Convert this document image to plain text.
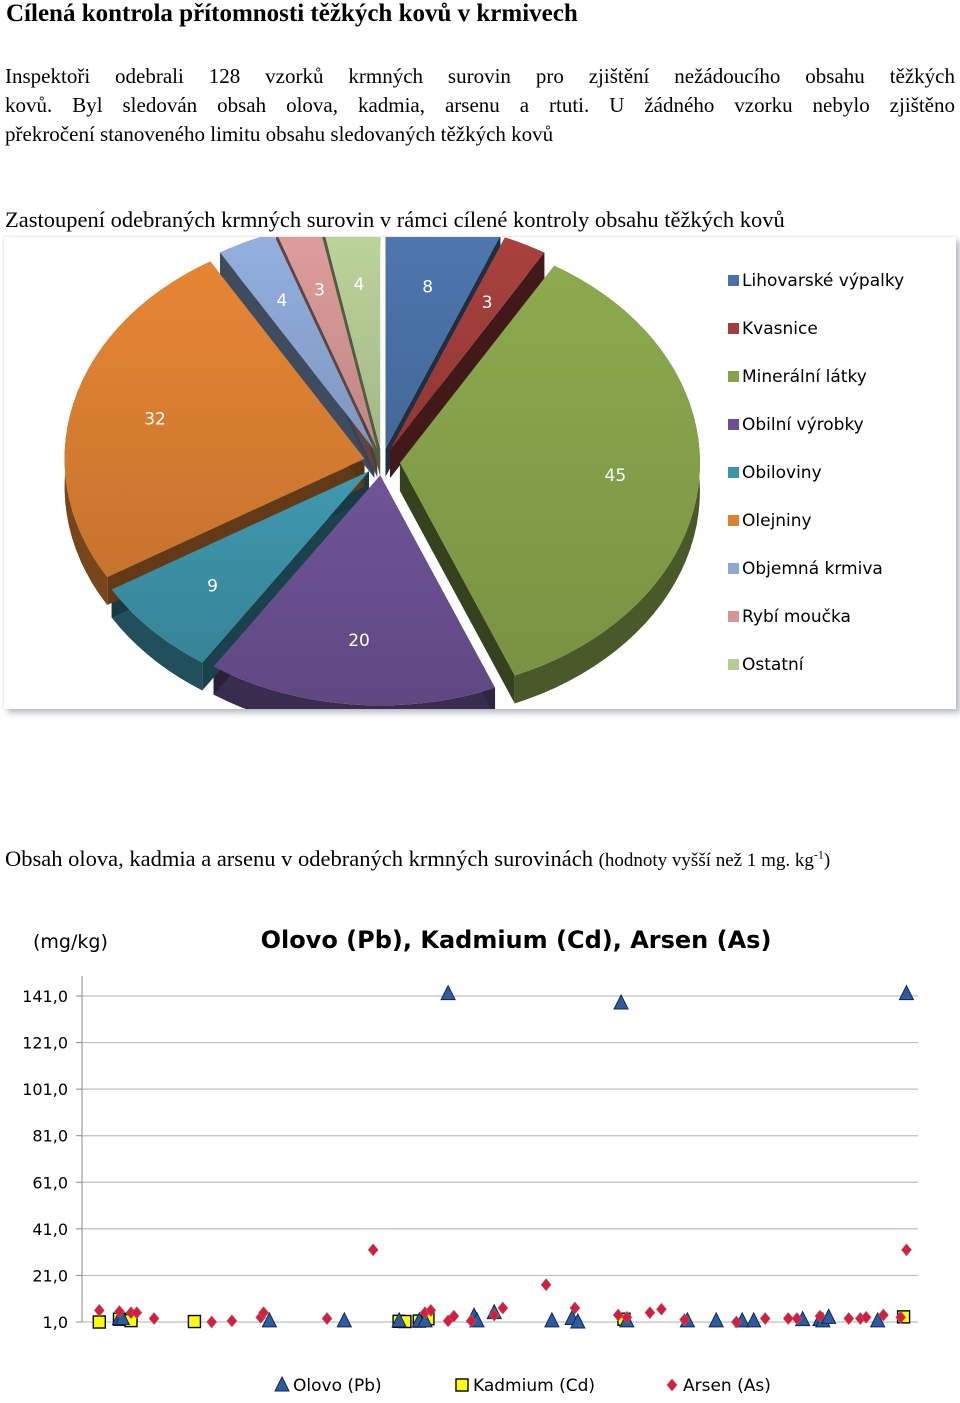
Cílená kontrola přítomnosti těžkých kovů v krmivech
Inspektoři odebrali 128 vzorků krmných surovin pro zjištění nežádoucího obsahu těžkých
kovů. Byl sledován obsah olova, kadmia, arsenu a rtuti. U žádného vzorku nebylo zjištěno
překročení stanoveného limitu obsahu sledovaných těžkých kovů
Zastoupení odebraných krmných surovin v rámci cílené kontroly obsahu těžkých kovů
8
3
45
20
9
32
4
3 4	Lihovarské výpalky
Kvasnice
Minerální látky
Obilní výrobky
Obiloviny
Olejniny
Objemná krmiva
Rybí moučka
Ostatní
Obsah olova, kadmia a arsenu v odebraných krmných surovinách (hodnoty vyšší než 1 mg. $kg^{-1}$)
(mg/kg)	Olovo (Pb), Kadmium (Cd), Arsen (As)
141,0
121,0
101,0
81,0
61,0
41,0
21,0
1,0
Olovo (Pb)	Kadmium (Cd)	Arsen (As)
